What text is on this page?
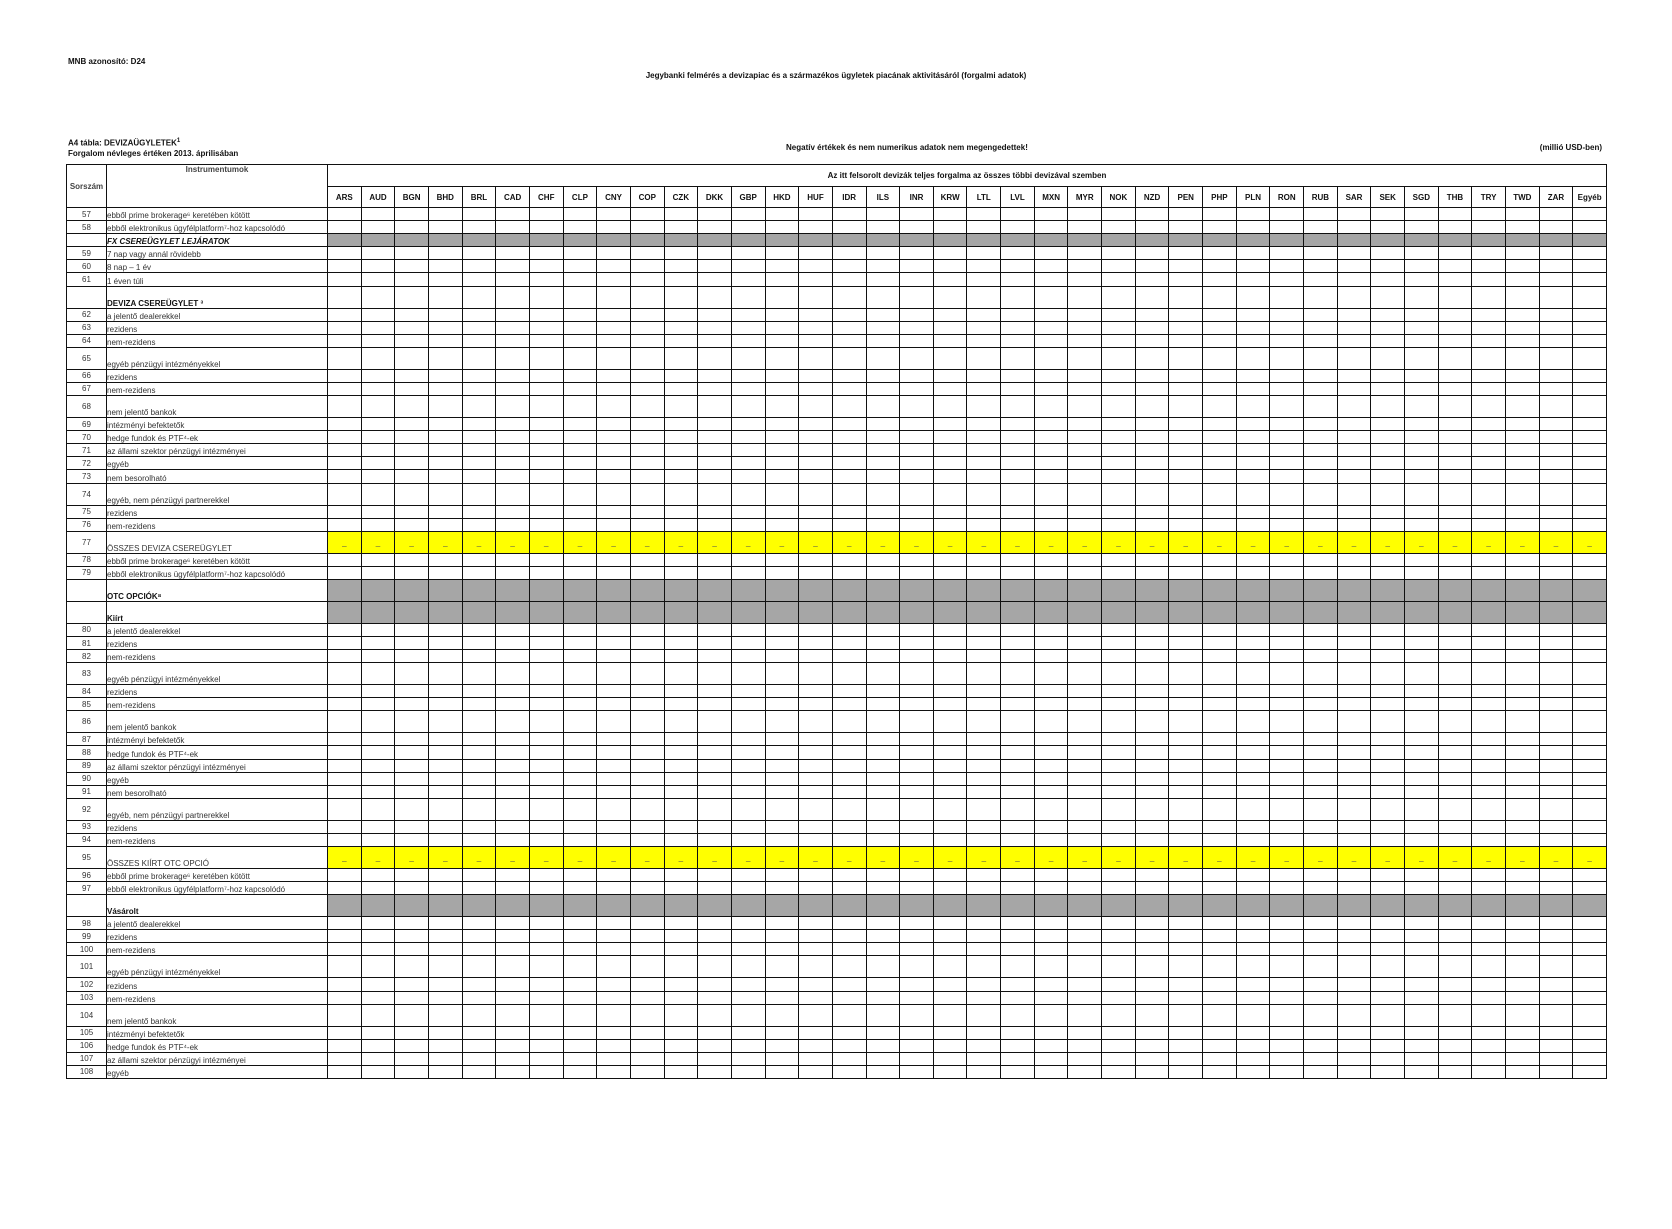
MNB azonosító: D24
Jegybanki felmérés a devizapiac és a származékos ügyletek piacának aktivitásáról (forgalmi adatok)
A4 tábla: DEVIZAÜGYLETEK$^1$
Forgalom névleges értéken 2013. áprilisában
Negatív értékek és nem numerikus adatok nem megengedettek!	(millió USD-ben)
Sorszám	Instrumentumok	Az itt felsorolt devizák teljes forgalma az összes többi devizával szemben																																					
		ARS	AUD	BGN	BHD	BRL	CAD	CHF	CLP	CNY	COP	CZK	DKK	GBP	HKD	HUF	IDR	ILS	INR	KRW	LTL	LVL	MXN	MYR	NOK	NZD	PEN	PHP	PLN	RON	RUB	SAR	SEK	SGD	THB	TRY	TWD	ZAR	Egyéb
57	ebből prime brokerage⁶ keretében kötött																																						
58	ebből elektronikus ügyfélplatform⁷-hoz kapcsolódó																																						
	FX CSEREÜGYLET LEJÁRATOK																																						
59	7 nap vagy annál rövidebb																																						
60	8 nap – 1 év																																						
61	1 éven túli																																						
	DEVIZA CSEREÜGYLET ³																																						
62	a jelentő dealerekkel																																						
63	rezidens																																						
64	nem-rezidens																																						
65	egyéb pénzügyi intézményekkel																																						
66	rezidens																																						
67	nem-rezidens																																						
68	nem jelentő bankok																																						
69	intézményi befektetők																																						
70	hedge fundok és PTF⁴-ek																																						
71	az állami szektor pénzügyi intézményei																																						
72	egyéb																																						
73	nem besorolható																																						
74	egyéb, nem pénzügyi partnerekkel																																						
75	rezidens																																						
76	nem-rezidens																																						
77	ÖSSZES DEVIZA CSEREÜGYLET	_	_	_	_	_	_	_	_	_	_	_	_	_	_	_	_	_	_	_	_	_	_	_	_	_	_	_	_	_	_	_	_	_	_	_	_	_	_
78	ebből prime brokerage⁶ keretében kötött																																						
79	ebből elektronikus ügyfélplatform⁷-hoz kapcsolódó																																						
	OTC OPCIÓK⁸																																						
	Kiírt																																						
80	a jelentő dealerekkel																																						
81	rezidens																																						
82	nem-rezidens																																						
83	egyéb pénzügyi intézményekkel																																						
84	rezidens																																						
85	nem-rezidens																																						
86	nem jelentő bankok																																						
87	intézményi befektetők																																						
88	hedge fundok és PTF⁴-ek																																						
89	az állami szektor pénzügyi intézményei																																						
90	egyéb																																						
91	nem besorolható																																						
92	egyéb, nem pénzügyi partnerekkel																																						
93	rezidens																																						
94	nem-rezidens																																						
95	ÖSSZES KIÍRT OTC OPCIÓ	_	_	_	_	_	_	_	_	_	_	_	_	_	_	_	_	_	_	_	_	_	_	_	_	_	_	_	_	_	_	_	_	_	_	_	_	_	_
96	ebből prime brokerage⁶ keretében kötött																																						
97	ebből elektronikus ügyfélplatform⁷-hoz kapcsolódó																																						
	Vásárolt																																						
98	a jelentő dealerekkel																																						
99	rezidens																																						
100	nem-rezidens																																						
101	egyéb pénzügyi intézményekkel																																						
102	rezidens																																						
103	nem-rezidens																																						
104	nem jelentő bankok																																						
105	intézményi befektetők																																						
106	hedge fundok és PTF⁴-ek																																						
107	az állami szektor pénzügyi intézményei																																						
108	egyéb																																						
